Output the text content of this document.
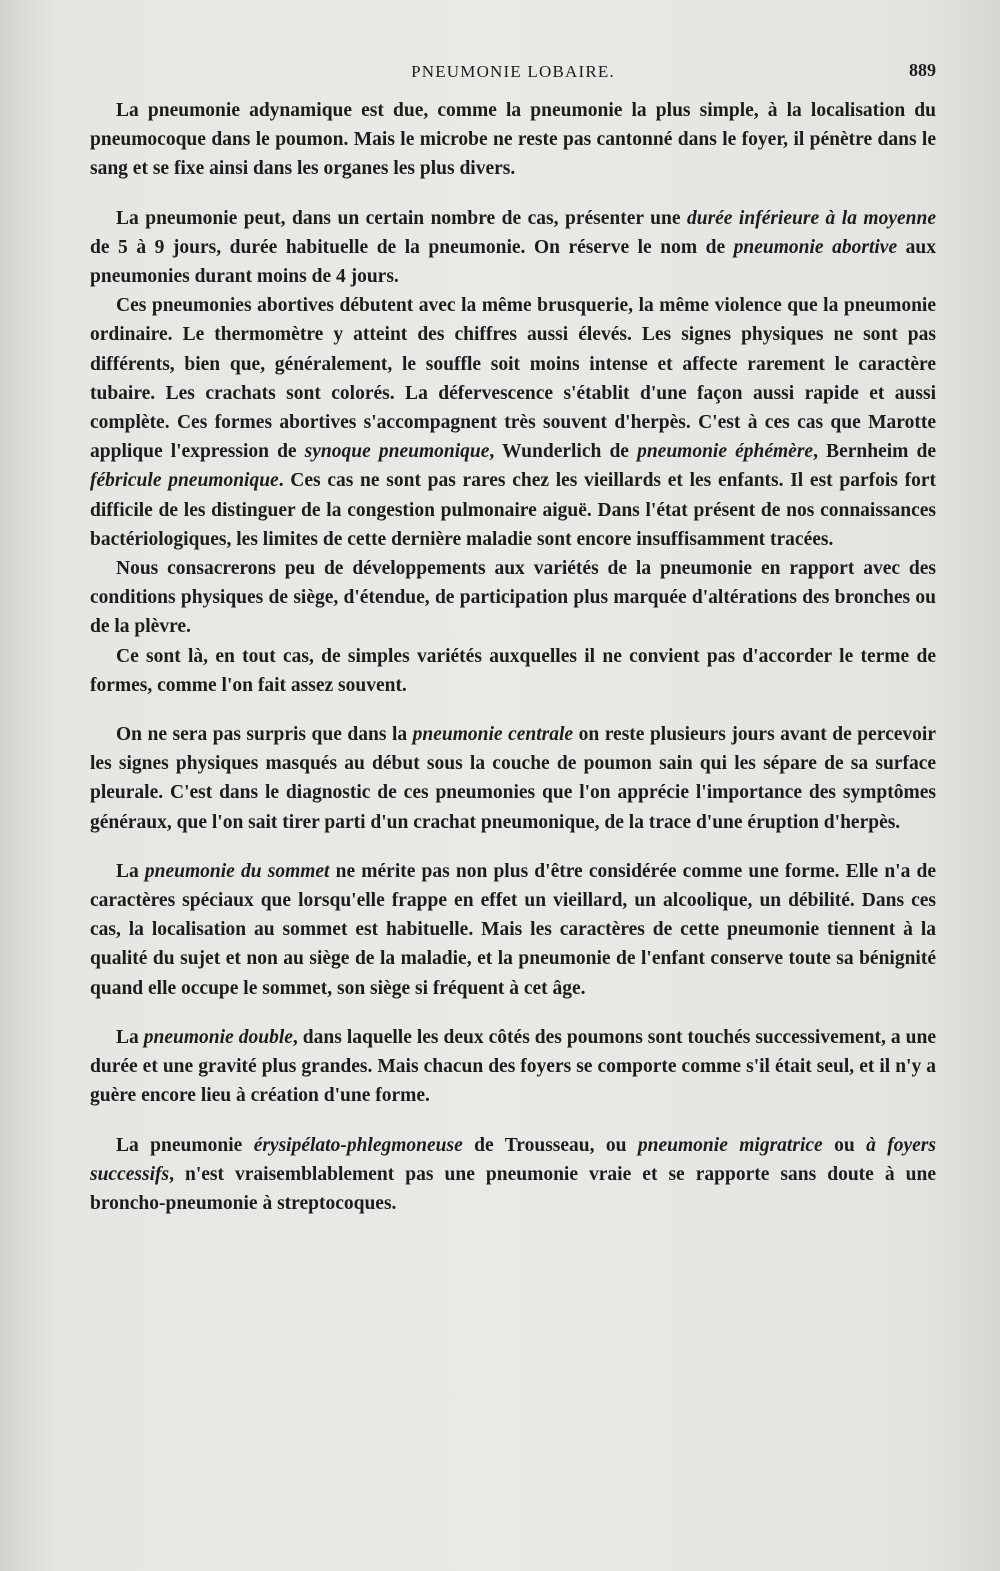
PNEUMONIE LOBAIRE.	889

La pneumonie adynamique est due, comme la pneumonie la plus simple, à la localisation du pneumocoque dans le poumon. Mais le microbe ne reste pas cantonné dans le foyer, il pénètre dans le sang et se fixe ainsi dans les organes les plus divers.

La pneumonie peut, dans un certain nombre de cas, présenter une durée inférieure à la moyenne de 5 à 9 jours, durée habituelle de la pneumonie. On réserve le nom de pneumonie abortive aux pneumonies durant moins de 4 jours.

Ces pneumonies abortives débutent avec la même brusquerie, la même violence que la pneumonie ordinaire. Le thermomètre y atteint des chiffres aussi élevés. Les signes physiques ne sont pas différents, bien que, généralement, le souffle soit moins intense et affecte rarement le caractère tubaire. Les crachats sont colorés. La défervescence s'établit d'une façon aussi rapide et aussi complète. Ces formes abortives s'accompagnent très souvent d'herpès. C'est à ces cas que Marotte applique l'expression de synoque pneumonique, Wunderlich de pneumonie éphémère, Bernheim de fébricule pneumonique. Ces cas ne sont pas rares chez les vieillards et les enfants. Il est parfois fort difficile de les distinguer de la congestion pulmonaire aiguë. Dans l'état présent de nos connaissances bactériologiques, les limites de cette dernière maladie sont encore insuffisamment tracées.

Nous consacrerons peu de développements aux variétés de la pneumonie en rapport avec des conditions physiques de siège, d'étendue, de participation plus marquée d'altérations des bronches ou de la plèvre.

Ce sont là, en tout cas, de simples variétés auxquelles il ne convient pas d'accorder le terme de formes, comme l'on fait assez souvent.

On ne sera pas surpris que dans la pneumonie centrale on reste plusieurs jours avant de percevoir les signes physiques masqués au début sous la couche de poumon sain qui les sépare de sa surface pleurale. C'est dans le diagnostic de ces pneumonies que l'on apprécie l'importance des symptômes généraux, que l'on sait tirer parti d'un crachat pneumonique, de la trace d'une éruption d'herpès.

La pneumonie du sommet ne mérite pas non plus d'être considérée comme une forme. Elle n'a de caractères spéciaux que lorsqu'elle frappe en effet un vieillard, un alcoolique, un débilité. Dans ces cas, la localisation au sommet est habituelle. Mais les caractères de cette pneumonie tiennent à la qualité du sujet et non au siège de la maladie, et la pneumonie de l'enfant conserve toute sa bénignité quand elle occupe le sommet, son siège si fréquent à cet âge.

La pneumonie double, dans laquelle les deux côtés des poumons sont touchés successivement, a une durée et une gravité plus grandes. Mais chacun des foyers se comporte comme s'il était seul, et il n'y a guère encore lieu à création d'une forme.

La pneumonie érysipélato-phlegmoneuse de Trousseau, ou pneumonie migratrice ou à foyers successifs, n'est vraisemblablement pas une pneumonie vraie et se rapporte sans doute à une broncho-pneumonie à streptocoques.
